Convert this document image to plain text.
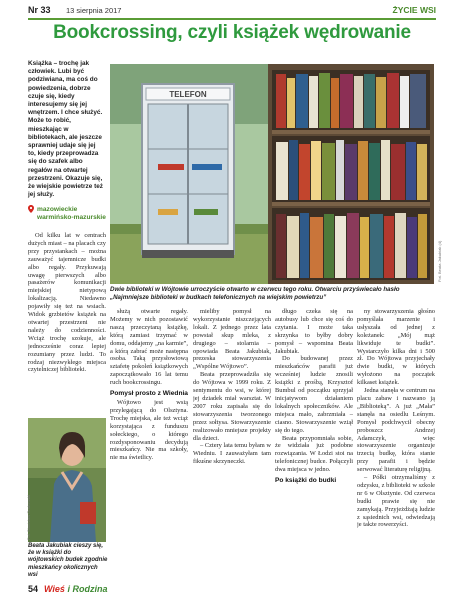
Nr 33 13 sierpnia 2017	ŻYCIE WSI
Bookcrossing, czyli książek wędrowanie
Książka – trochę jak człowiek. Lubi być podziwiana, ma coś do powiedzenia, dobrze czuje się, kiedy interesujemy się jej wnętrzem. I chce służyć. Może to robić, mieszkając w bibliotekach, ale jeszcze sprawniej udaje się jej to, kiedy przeprowadza się do szafek albo regałów na otwartej przestrzeni. Okazuje się, że wiejskie powietrze też jej służy.
mazowieckie
warmińsko-mazurskie
TELEFON
Fot. Beata Jakubiak (4)
Dwie biblioteki w Wójtowie urroczyście otwarto w czerwcu tego roku. Otwarciu przyświecało hasło „Najmniejsze biblioteki w budkach telefonicznych na wiejskim powietrzu”
Fot. Stanisław Grabowski
Beata Jakubiak cieszy się, że w książki do wójtowskich budek zgodnie mieszkańcy okolicznych wsi

Od kilku lat w centrach dużych miast – na placach czy przy przystankach – można zauważyć tajemnicze budki albo regały. Przykuwają uwagę pierwszych albo pasażerów komunikacji miejskiej nietypową lokalizacją. Niedawno pojawiły się też na wsiach. Widok grzbietów książek na otwartej przestrzeni nie należy do codzienności. Wciąż trochę szokuje, ale jednocześnie coraz lepiej rozumiany przez ludzi. To rodzaj niezwykłego miejsca czytelniczej biblioteki.

służą otwarte regały. Możemy w nich pozostawić naszą przeczytaną książkę, którą zamiast trzymać w domu, oddajemy „na karmie”, a którą zabrać może następna osoba. Taką przysłowiową sztafetę pokoleń książkowych zapoczątkowało 16 lat temu ruch bookcrossingu.

Pomysł prosto z Wiednia

Wójtowo jest wsią przylegającą do Olsztyna. Trochę miejska, ale też wciąż korzystająca z funduszu sołeckiego, o którego rozdysponowaniu decydują mieszkańcy. Nie ma szkoły, nie ma świetlicy.

mieliby pomysł na wykorzystanie niszczejących lokali. Z jednego przez lata powstał skup mleka, z drugiego – stolarnia – opowiada Beata Jakubiak, prezeska stowarzyszenia „Wspólne Wójtowo”.

Beata przeprowadziła się do Wójtowa w 1999 roku. Z sentymentu do wsi, w której jej dziadek miał warsztat. W 2007 roku zapisała się do stowarzyszenia tworzonego przez sołtysa. Stowarzyszenie realizowało mniejsze projekty dla dzieci.

– Cztery lata temu byłam w Wiedniu. I zauważyłam tam fikuśne skrzyneczki.

długo czeka się na autobusy lub chce się coś do czytania. I może taka skrzynka to byłby dobry pomysł – wspomina Beata Jakubiak.

Do budowanej przez mieszkańców parafii już wcześniej ludzie znosili książki z prośbą, Krzysztof Bumbul od początku sprzyjał inicjatywom działaniem lokalnych społeczników. Ale miejsca mało, zabrzmiała – ciasno. Stowarzyszenie wziął się do tego.

Beata przypomniała sobie, że widziała już podobne rozwiązania. W Łodzi stoi na telefonicznej budce. Połączyli dwa miejsca w jedno.

Po książki do budki

ny stowarzyszenia głośno pomyślała marzenie i usłyszała od jednej z koleżanek: „Mój mąż likwiduje te budki”. Wystarczyło kilka dni i 500 zł. Do Wójtowa przyjechały dwie budki, w których wyłożono na początek kilkaset książek.

Jedna stanęła w centrum na placu zabaw i nazwano ją „Biblioteką”. A już „Mała” stanęła na osiedlu Leśnym. Pomysł podchwycił obecny proboszcz Andrzej Adamczyk, więc stowarzyszenie organizuje trzecią budkę, która stanie przy parafii i będzie serwować literaturę religijną.

– Półki otrzymaliśmy z odzysku, z biblioteki w szkole nr 6 w Olsztynie. Od czerwca budki prawie się nie zamykają. Przyjeżdżają ludzie z sąsiednich wsi, odwiedzają je także rowerzyści.

54 Wieś i Rodzina
